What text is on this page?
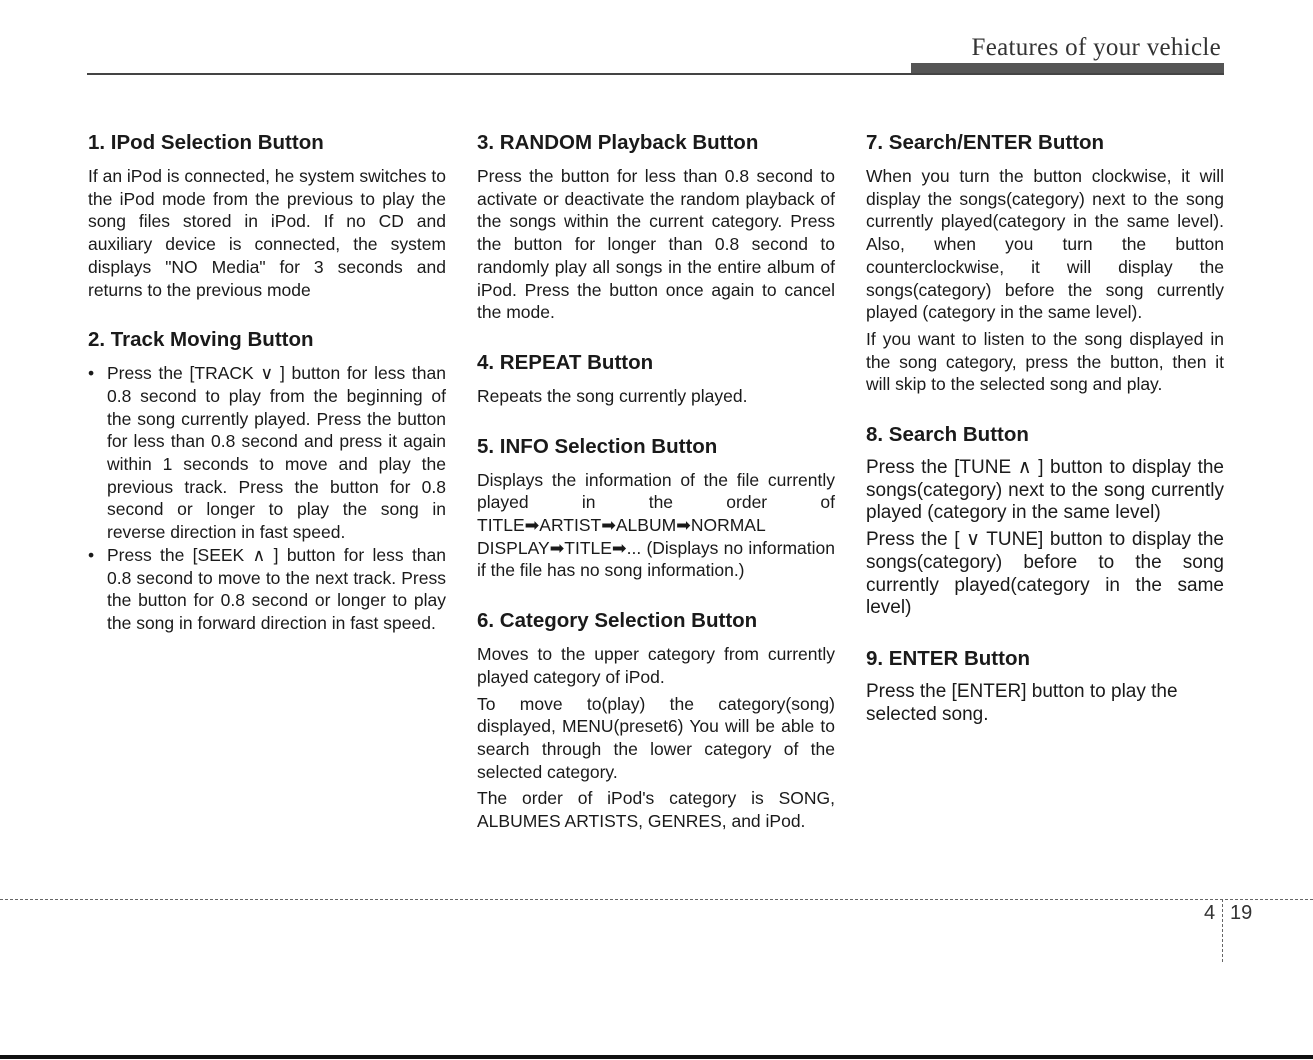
Features of your vehicle
1. IPod Selection Button

If an iPod is connected, he system switches to the iPod mode from the previous to play the song files stored in iPod. If no CD and auxiliary device is connected, the system displays "NO Media" for 3 seconds and returns to the previous mode

2. Track Moving Button
• Press the [TRACK ∨ ] button for less than 0.8 second to play from the beginning of the song currently played. Press the button for less than 0.8 second and press it again within 1 seconds to move and play the previous track. Press the button for 0.8 second or longer to play the song in reverse direction in fast speed.
• Press the [SEEK ∧ ] button for less than 0.8 second to move to the next track. Press the button for 0.8 second or longer to play the song in forward direction in fast speed.
3. RANDOM Playback Button

Press the button for less than 0.8 second to activate or deactivate the random playback of the songs within the current category. Press the button for longer than 0.8 second to randomly play all songs in the entire album of iPod. Press the button once again to cancel the mode.

4. REPEAT Button

Repeats the song currently played.

5. INFO Selection Button

Displays the information of the file currently played in the order of TITLE➡ARTIST➡ALBUM➡NORMAL DISPLAY➡TITLE➡... (Displays no information if the file has no song information.)

6. Category Selection Button

Moves to the upper category from currently played category of iPod.

To move to(play) the category(song) displayed, MENU(preset6) You will be able to search through the lower category of the selected category.

The order of iPod's category is SONG, ALBUMES ARTISTS, GENRES, and iPod.

7. Search/ENTER Button

When you turn the button clockwise, it will display the songs(category) next to the song currently played(category in the same level). Also, when you turn the button counterclockwise, it will display the songs(category) before the song currently played (category in the same level).

If you want to listen to the song displayed in the song category, press the button, then it will skip to the selected song and play.

8. Search Button

Press the [TUNE ∧ ] button to display the songs(category) next to the song currently played (category in the same level)

Press the [ ∨ TUNE] button to display the songs(category) before to the song currently played(category in the same level)

9. ENTER Button

Press the [ENTER] button to play the selected song.

4 19
